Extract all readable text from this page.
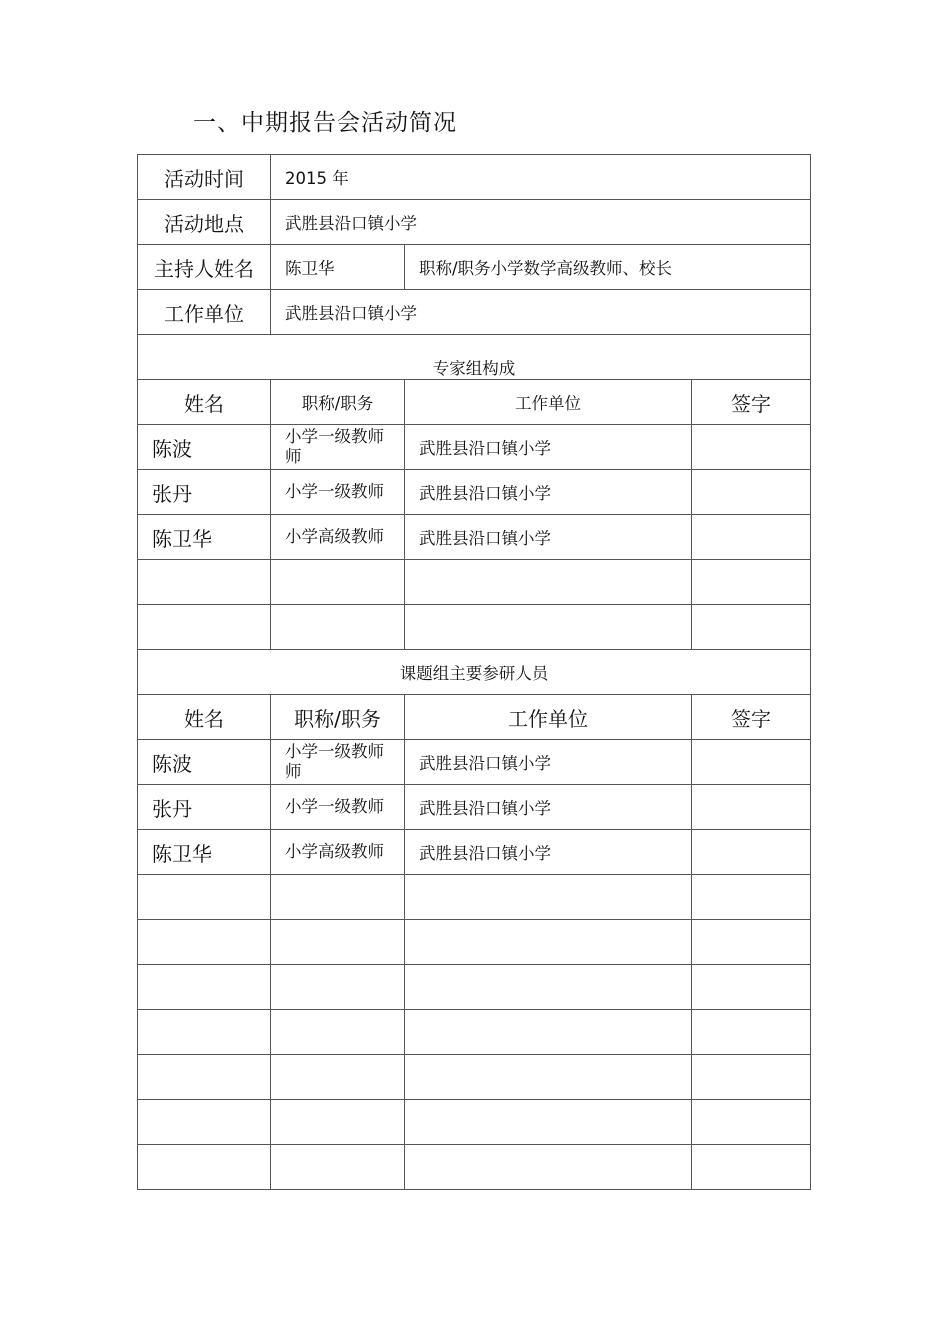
一、中期报告会活动简况
活动时间	2015 年		
活动地点	武胜县沿口镇小学		
主持人姓名	陈卫华	职称/职务小学数学高级教师、校长	
工作单位	武胜县沿口镇小学		
专家组构成			
姓名	职称/职务	工作单位	签字
陈波	小学一级教师师	武胜县沿口镇小学	
张丹	小学一级教师	武胜县沿口镇小学	
陈卫华	小学高级教师	武胜县沿口镇小学	

课题组主要参研人员			
姓名	职称/职务	工作单位	签字
陈波	小学一级教师师	武胜县沿口镇小学	
张丹	小学一级教师	武胜县沿口镇小学	
陈卫华	小学高级教师	武胜县沿口镇小学	
